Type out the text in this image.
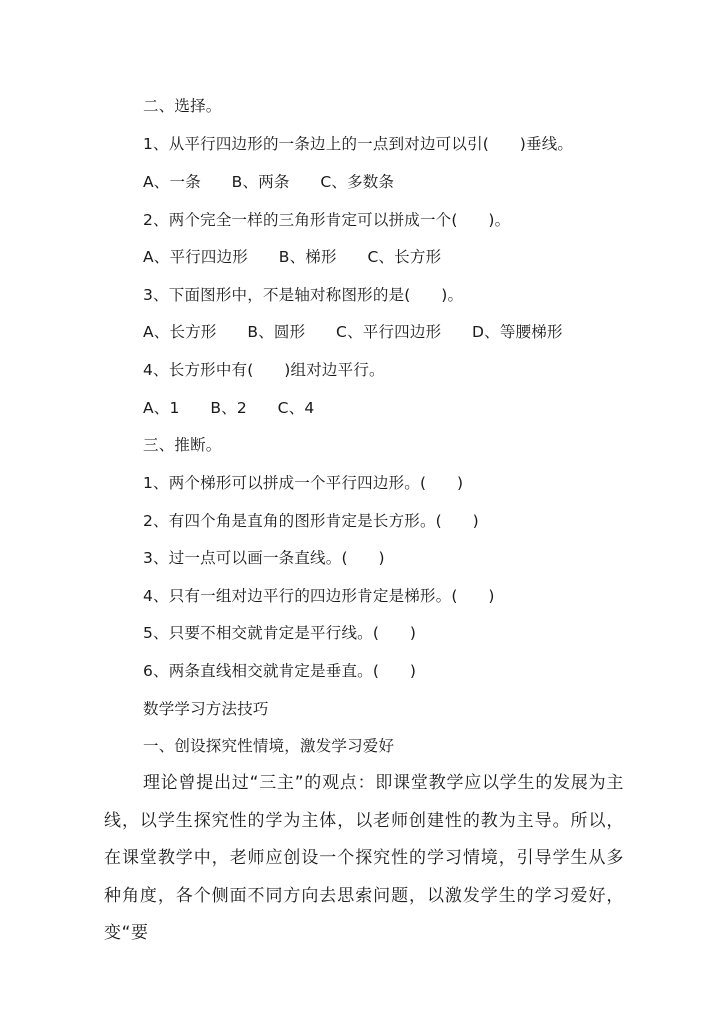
二、选择。
1、从平行四边形的一条边上的一点到对边可以引(      )垂线。
A、一条      B、两条      C、多数条
2、两个完全一样的三角形肯定可以拼成一个(      )。
A、平行四边形      B、梯形      C、长方形
3、下面图形中，不是轴对称图形的是(      )。
A、长方形      B、圆形      C、平行四边形      D、等腰梯形
4、长方形中有(      )组对边平行。
A、1      B、2      C、4
三、推断。
1、两个梯形可以拼成一个平行四边形。(      )
2、有四个角是直角的图形肯定是长方形。(      )
3、过一点可以画一条直线。(      )
4、只有一组对边平行的四边形肯定是梯形。(      )
5、只要不相交就肯定是平行线。(      )
6、两条直线相交就肯定是垂直。(      )
数学学习方法技巧
一、创设探究性情境，激发学习爱好
理论曾提出过“三主”的观点：即课堂教学应以学生的发展为主线，以学生探究性的学为主体，以老师创建性的教为主导。所以，在课堂教学中，老师应创设一个探究性的学习情境，引导学生从多种角度，各个侧面不同方向去思索问题，以激发学生的学习爱好，变“要
